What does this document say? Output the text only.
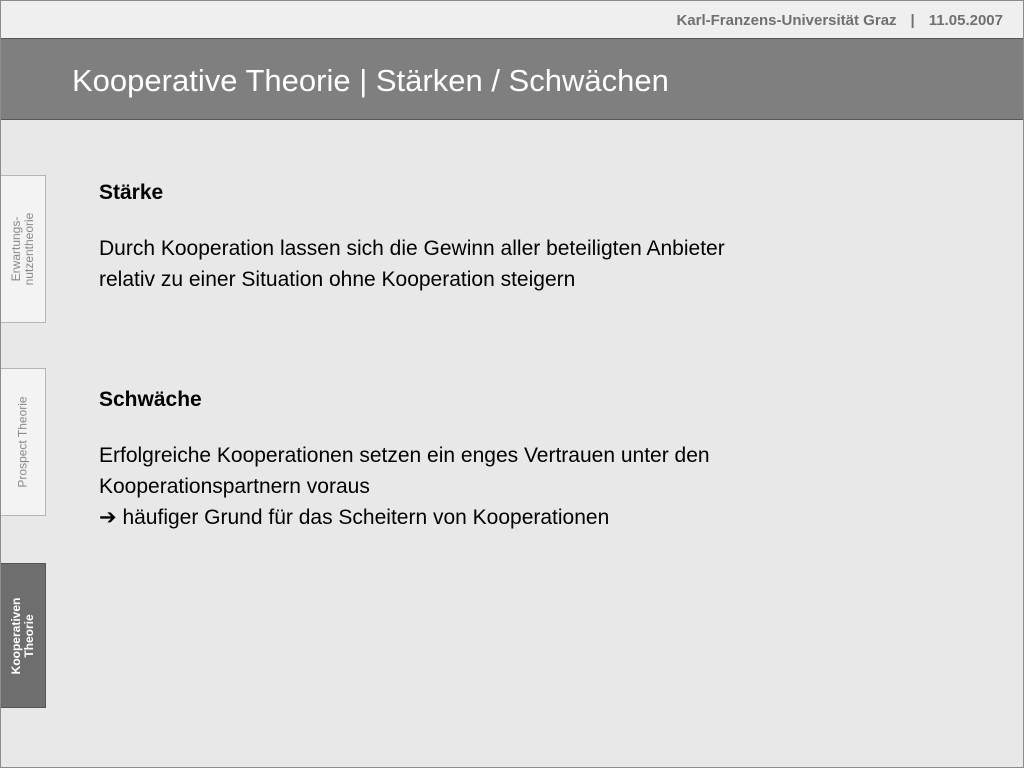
Karl-Franzens-Universität Graz | 11.05.2007
Kooperative Theorie | Stärken / Schwächen
Erwartungs-
nutzentheorie
Prospect Theorie
Kooperativen
Theorie
Stärke

Durch Kooperation lassen sich die Gewinn aller beteiligten Anbieter
relativ zu einer Situation ohne Kooperation steigern

Schwäche

Erfolgreiche Kooperationen setzen ein enges Vertrauen unter den
Kooperationspartnern voraus
➔ häufiger Grund für das Scheitern von Kooperationen
